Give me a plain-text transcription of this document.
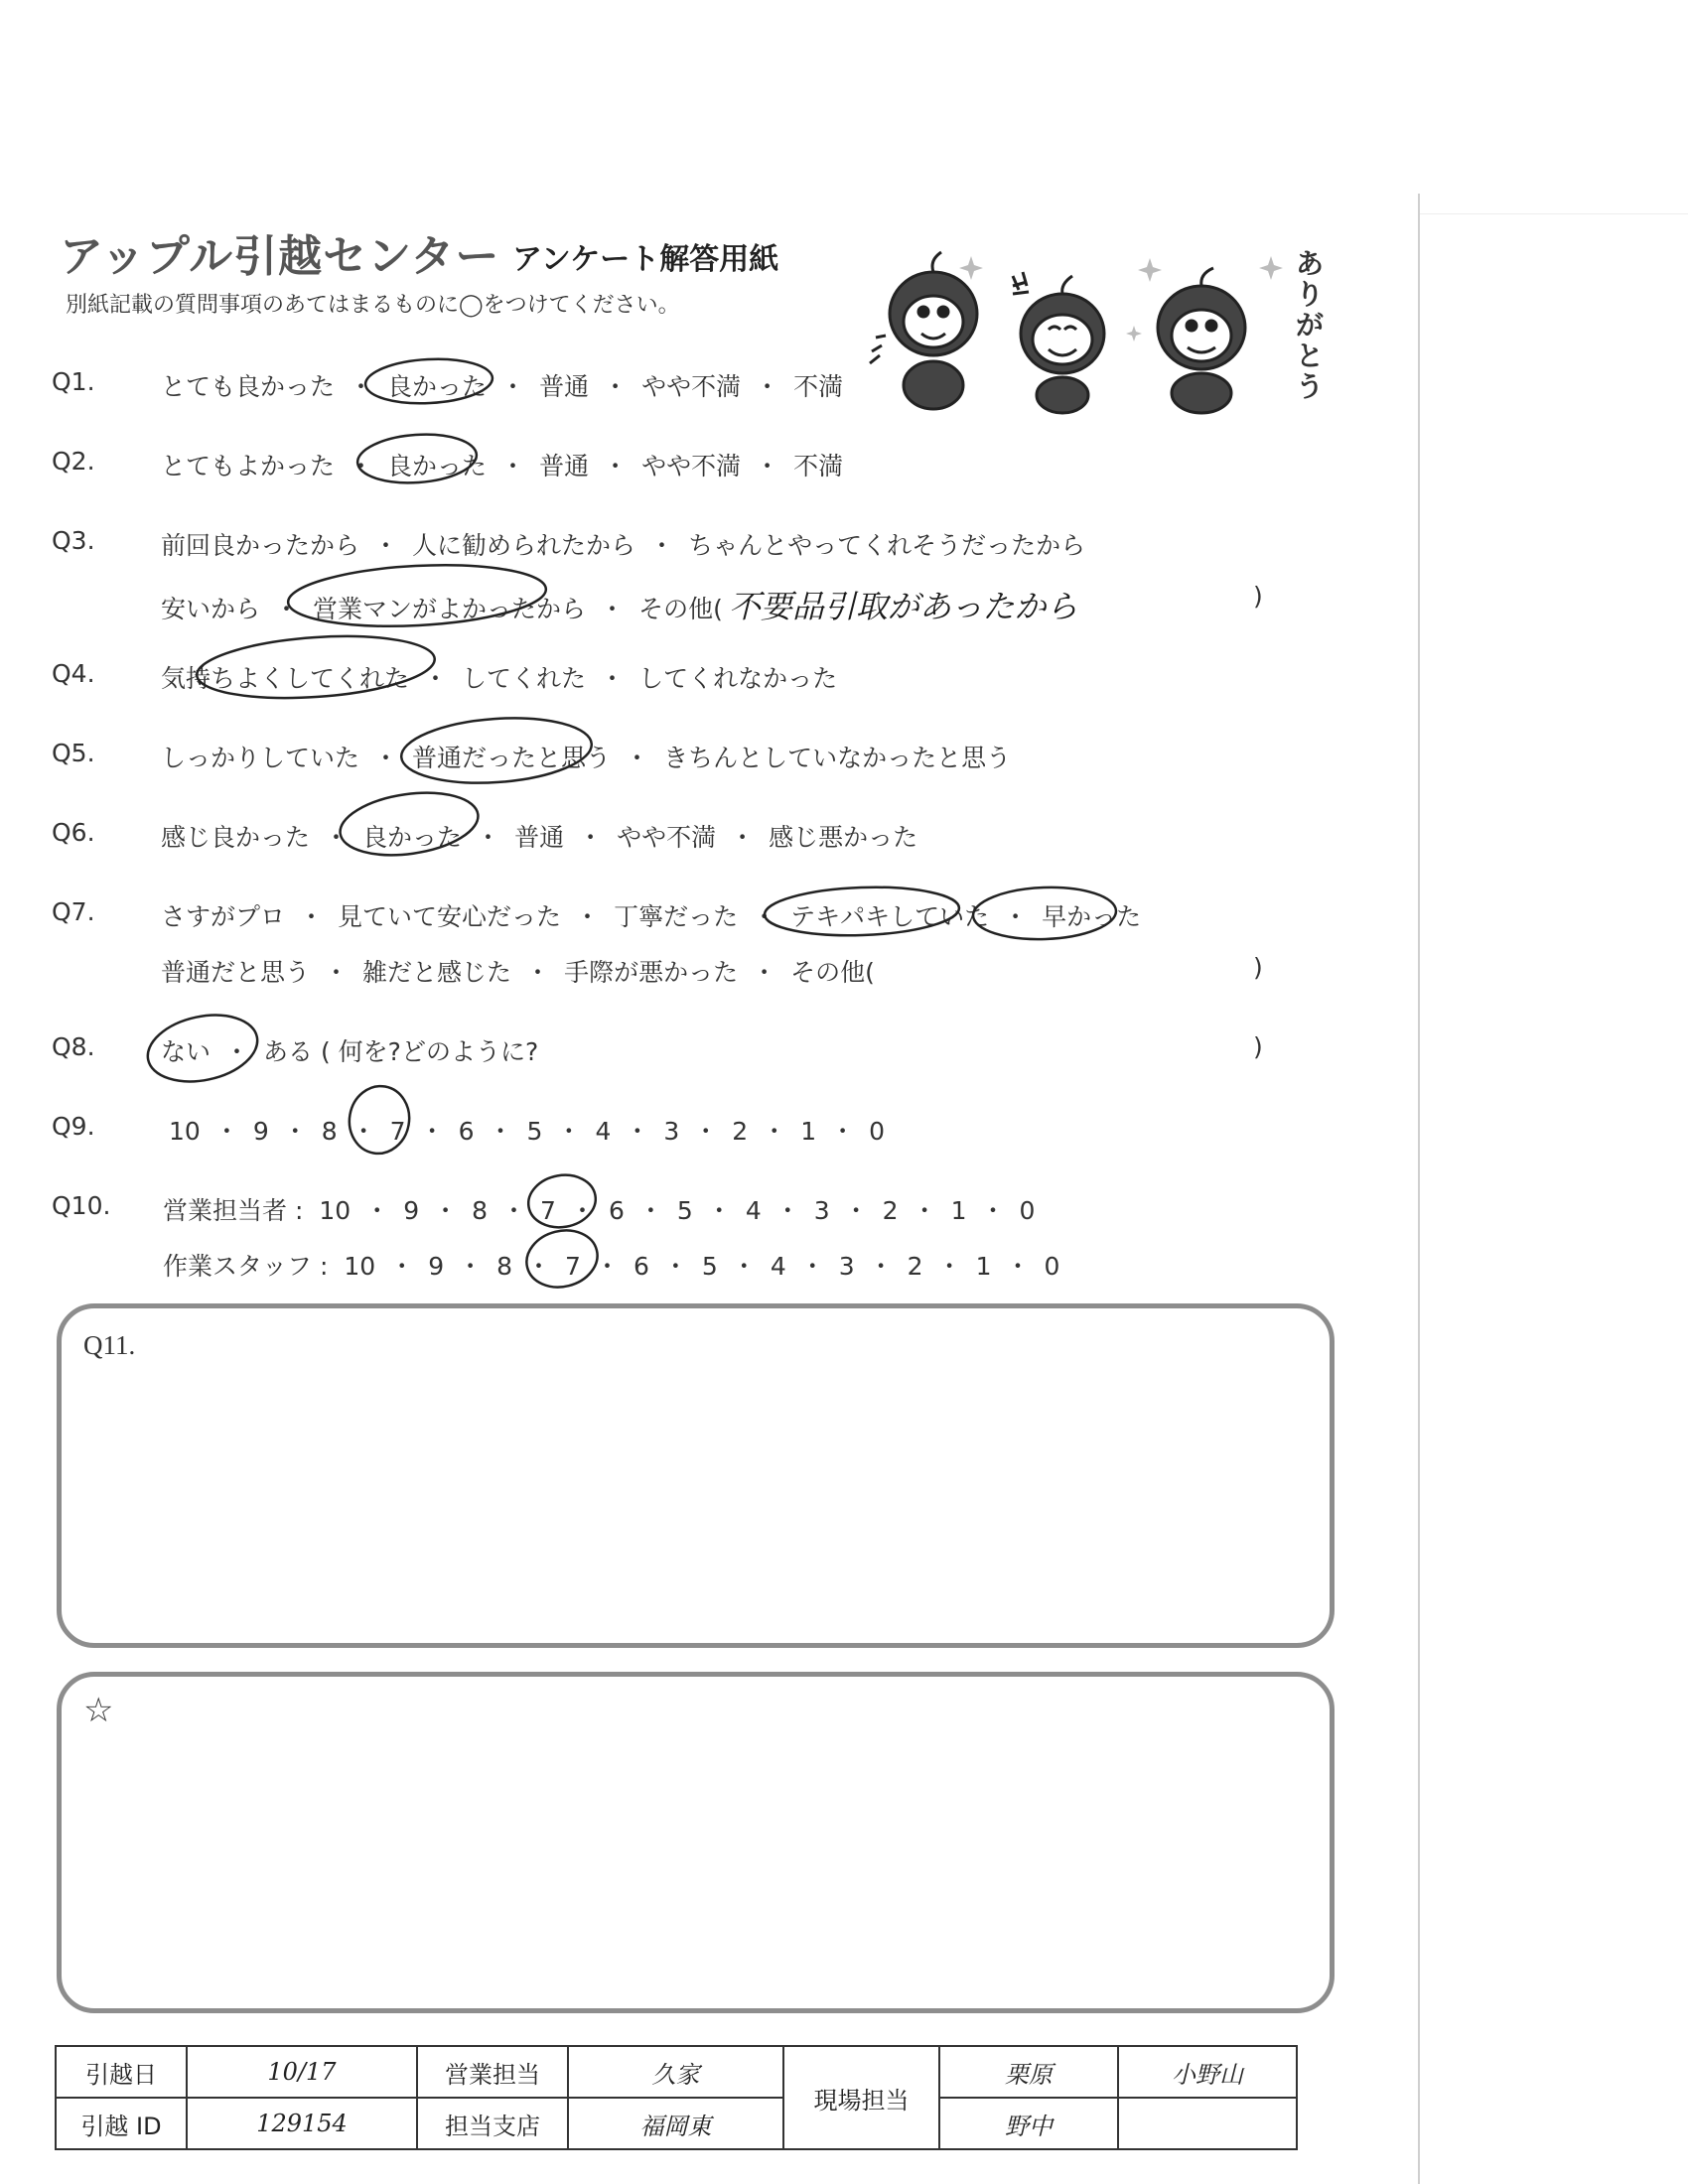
アップル引越センター アンケート解答用紙
別紙記載の質問事項のあてはまるものに◯をつけてください。
ありがとう
Q1.	とても良かった ・ 良かった ・ 普通 ・ やや不満 ・ 不満
Q2.	とてもよかった ・ 良かった ・ 普通 ・ やや不満 ・ 不満
Q3.	前回良かったから ・ 人に勧められたから ・ ちゃんとやってくれそうだったから
安いから ・ 営業マンがよかったから ・ その他( 不要品引取があったから	)
Q4.	気持ちよくしてくれた ・ してくれた ・ してくれなかった
Q5.	しっかりしていた ・ 普通だったと思う ・ きちんとしていなかったと思う
Q6.	感じ良かった ・ 良かった ・ 普通 ・ やや不満 ・ 感じ悪かった
Q7.	さすがプロ ・ 見ていて安心だった ・ 丁寧だった ・ テキパキしていた ・ 早かった
普通だと思う ・ 雑だと感じた ・ 手際が悪かった ・ その他(	)
Q8.	ない ・ ある ( 何を?どのように?	)
Q9.	10 ・ 9 ・ 8 ・ 7 ・ 6 ・ 5 ・ 4 ・ 3 ・ 2 ・ 1 ・ 0
Q10. 営業担当者 : 10 ・ 9 ・ 8 ・ 7 ・ 6 ・ 5 ・ 4 ・ 3 ・ 2 ・ 1 ・ 0
作業スタッフ : 10 ・ 9 ・ 8 ・ 7 ・ 6 ・ 5 ・ 4 ・ 3 ・ 2 ・ 1 ・ 0
Q11.
☆
引越日	10/17	営業担当	久家	現場担当	栗原	小野山
引越 ID	129154	担当支店	福岡東		野中	
